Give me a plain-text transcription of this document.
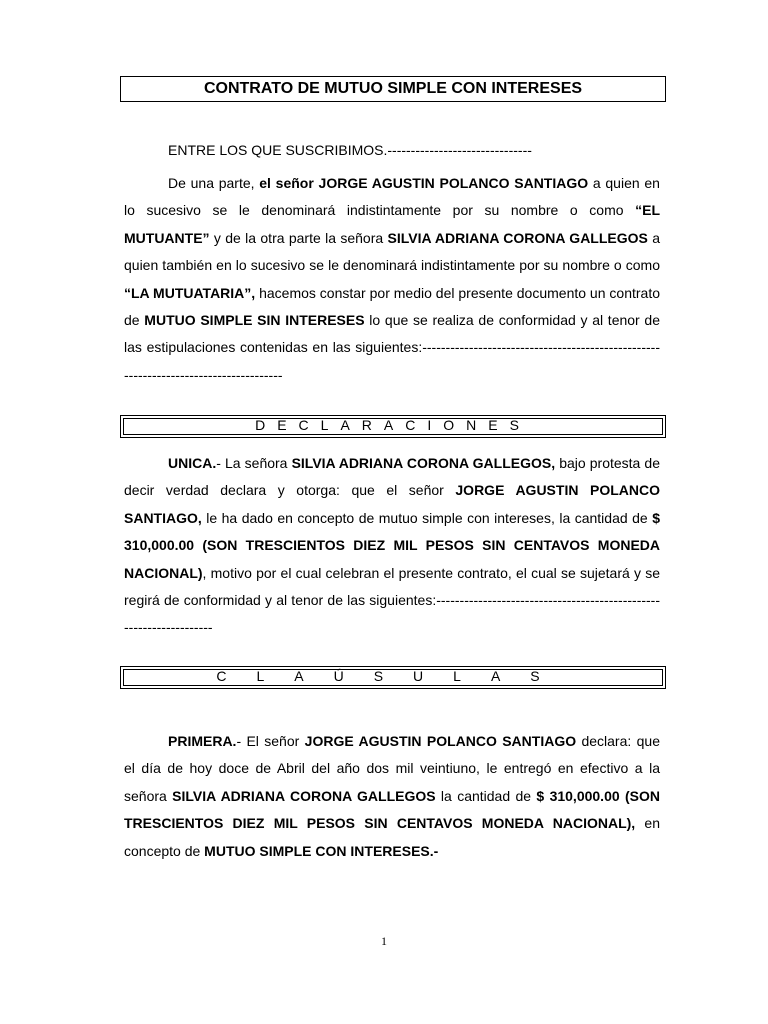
CONTRATO DE MUTUO SIMPLE CON INTERESES

ENTRE LOS QUE SUSCRIBIMOS.-------------------------------

De una parte, el señor JORGE AGUSTIN POLANCO SANTIAGO a quien en lo sucesivo se le denominará indistintamente por su nombre o como “EL MUTUANTE” y de la otra parte la señora SILVIA ADRIANA CORONA GALLEGOS a quien también en lo sucesivo se le denominará indistintamente por su nombre o como “LA MUTUATARIA”, hacemos constar por medio del presente documento un contrato de MUTUO SIMPLE SIN INTERESES lo que se realiza de conformidad y al tenor de las estipulaciones contenidas en las siguientes:-------------------------------------------------------------------------------------

DECLARACIONES

UNICA.- La señora SILVIA ADRIANA CORONA GALLEGOS, bajo protesta de decir verdad declara y otorga: que el señor JORGE AGUSTIN POLANCO SANTIAGO, le ha dado en concepto de mutuo simple con intereses, la cantidad de $ 310,000.00 (SON TRESCIENTOS DIEZ MIL PESOS SIN CENTAVOS MONEDA NACIONAL), motivo por el cual celebran el presente contrato, el cual se sujetará y se regirá de conformidad y al tenor de las siguientes:-------------------------------------------------------------------

CLAÚSULAS

PRIMERA.- El señor JORGE AGUSTIN POLANCO SANTIAGO declara: que el día de hoy doce de Abril del año dos mil veintiuno, le entregó en efectivo a la señora SILVIA ADRIANA CORONA GALLEGOS la cantidad de $ 310,000.00 (SON TRESCIENTOS DIEZ MIL PESOS SIN CENTAVOS MONEDA NACIONAL), en concepto de MUTUO SIMPLE CON INTERESES.-

1
